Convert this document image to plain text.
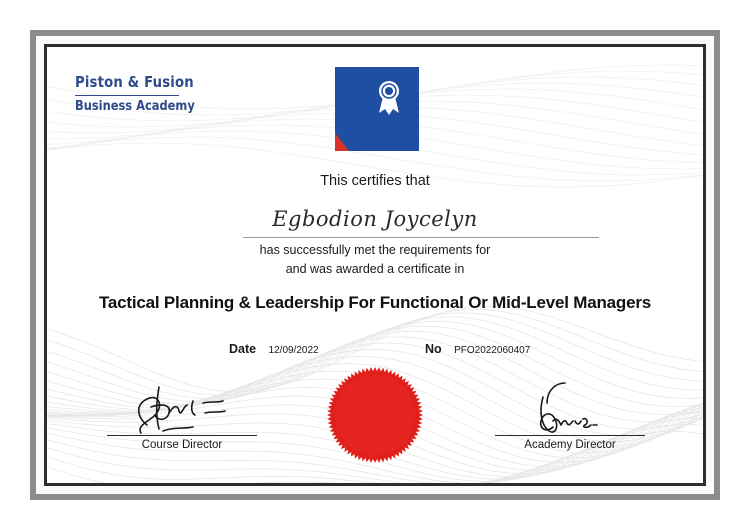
Piston & Fusion
Business Academy
This certifies that
Egbodion Joycelyn
has successfully met the requirements for
and was awarded a certificate in
Tactical Planning & Leadership For Functional Or Mid-Level Managers
Date 12/09/2022	No PFO2022060407
Course Director	Academy Director
